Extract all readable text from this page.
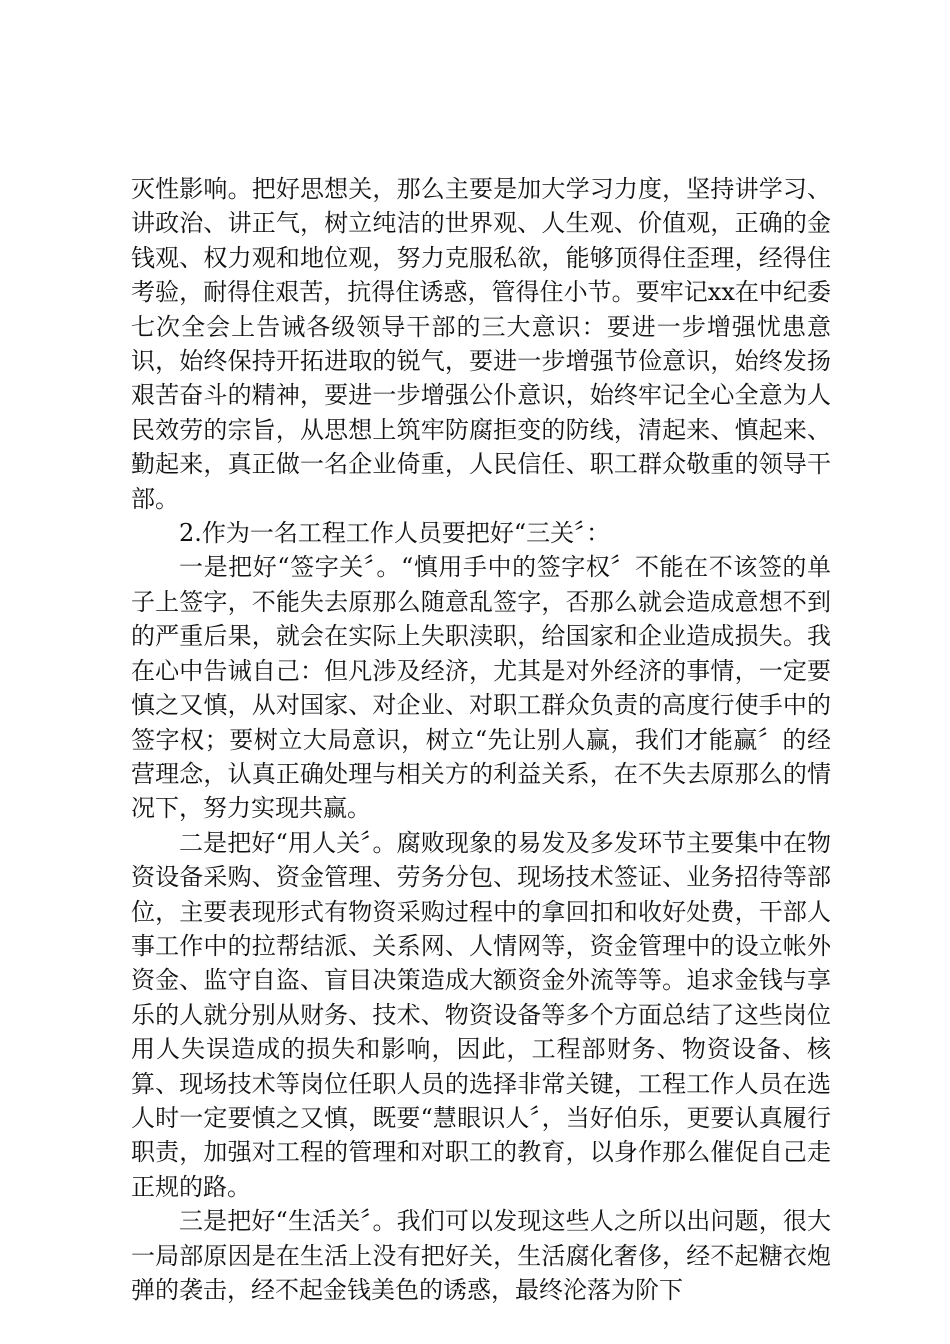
灭性影响。把好思想关，那么主要是加大学习力度，坚持讲学习、讲政治、讲正气，树立纯洁的世界观、人生观、价值观，正确的金钱观、权力观和地位观，努力克服私欲，能够顶得住歪理，经得住考验，耐得住艰苦，抗得住诱惑，管得住小节。要牢记xx在中纪委七次全会上告诫各级领导干部的三大意识：要进一步增强忧患意识，始终保持开拓进取的锐气，要进一步增强节俭意识，始终发扬艰苦奋斗的精神，要进一步增强公仆意识，始终牢记全心全意为人民效劳的宗旨，从思想上筑牢防腐拒变的防线，清起来、慎起来、勤起来，真正做一名企业倚重，人民信任、职工群众敬重的领导干部。

2.作为一名工程工作人员要把好“三关〞：

一是把好“签字关〞。“慎用手中的签字权〞不能在不该签的单子上签字，不能失去原那么随意乱签字，否那么就会造成意想不到的严重后果，就会在实际上失职渎职，给国家和企业造成损失。我在心中告诫自己：但凡涉及经济，尤其是对外经济的事情，一定要慎之又慎，从对国家、对企业、对职工群众负责的高度行使手中的签字权；要树立大局意识，树立“先让别人赢，我们才能赢〞的经营理念，认真正确处理与相关方的利益关系，在不失去原那么的情况下，努力实现共赢。

二是把好“用人关〞。腐败现象的易发及多发环节主要集中在物资设备采购、资金管理、劳务分包、现场技术签证、业务招待等部位，主要表现形式有物资采购过程中的拿回扣和收好处费，干部人事工作中的拉帮结派、关系网、人情网等，资金管理中的设立帐外资金、监守自盗、盲目决策造成大额资金外流等等。追求金钱与享乐的人就分别从财务、技术、物资设备等多个方面总结了这些岗位用人失误造成的损失和影响，因此，工程部财务、物资设备、核算、现场技术等岗位任职人员的选择非常关键，工程工作人员在选人时一定要慎之又慎，既要“慧眼识人〞，当好伯乐，更要认真履行职责，加强对工程的管理和对职工的教育，以身作那么催促自己走正规的路。

三是把好“生活关〞。我们可以发现这些人之所以出问题，很大一局部原因是在生活上没有把好关，生活腐化奢侈，经不起糖衣炮弹的袭击，经不起金钱美色的诱惑，最终沦落为阶下
